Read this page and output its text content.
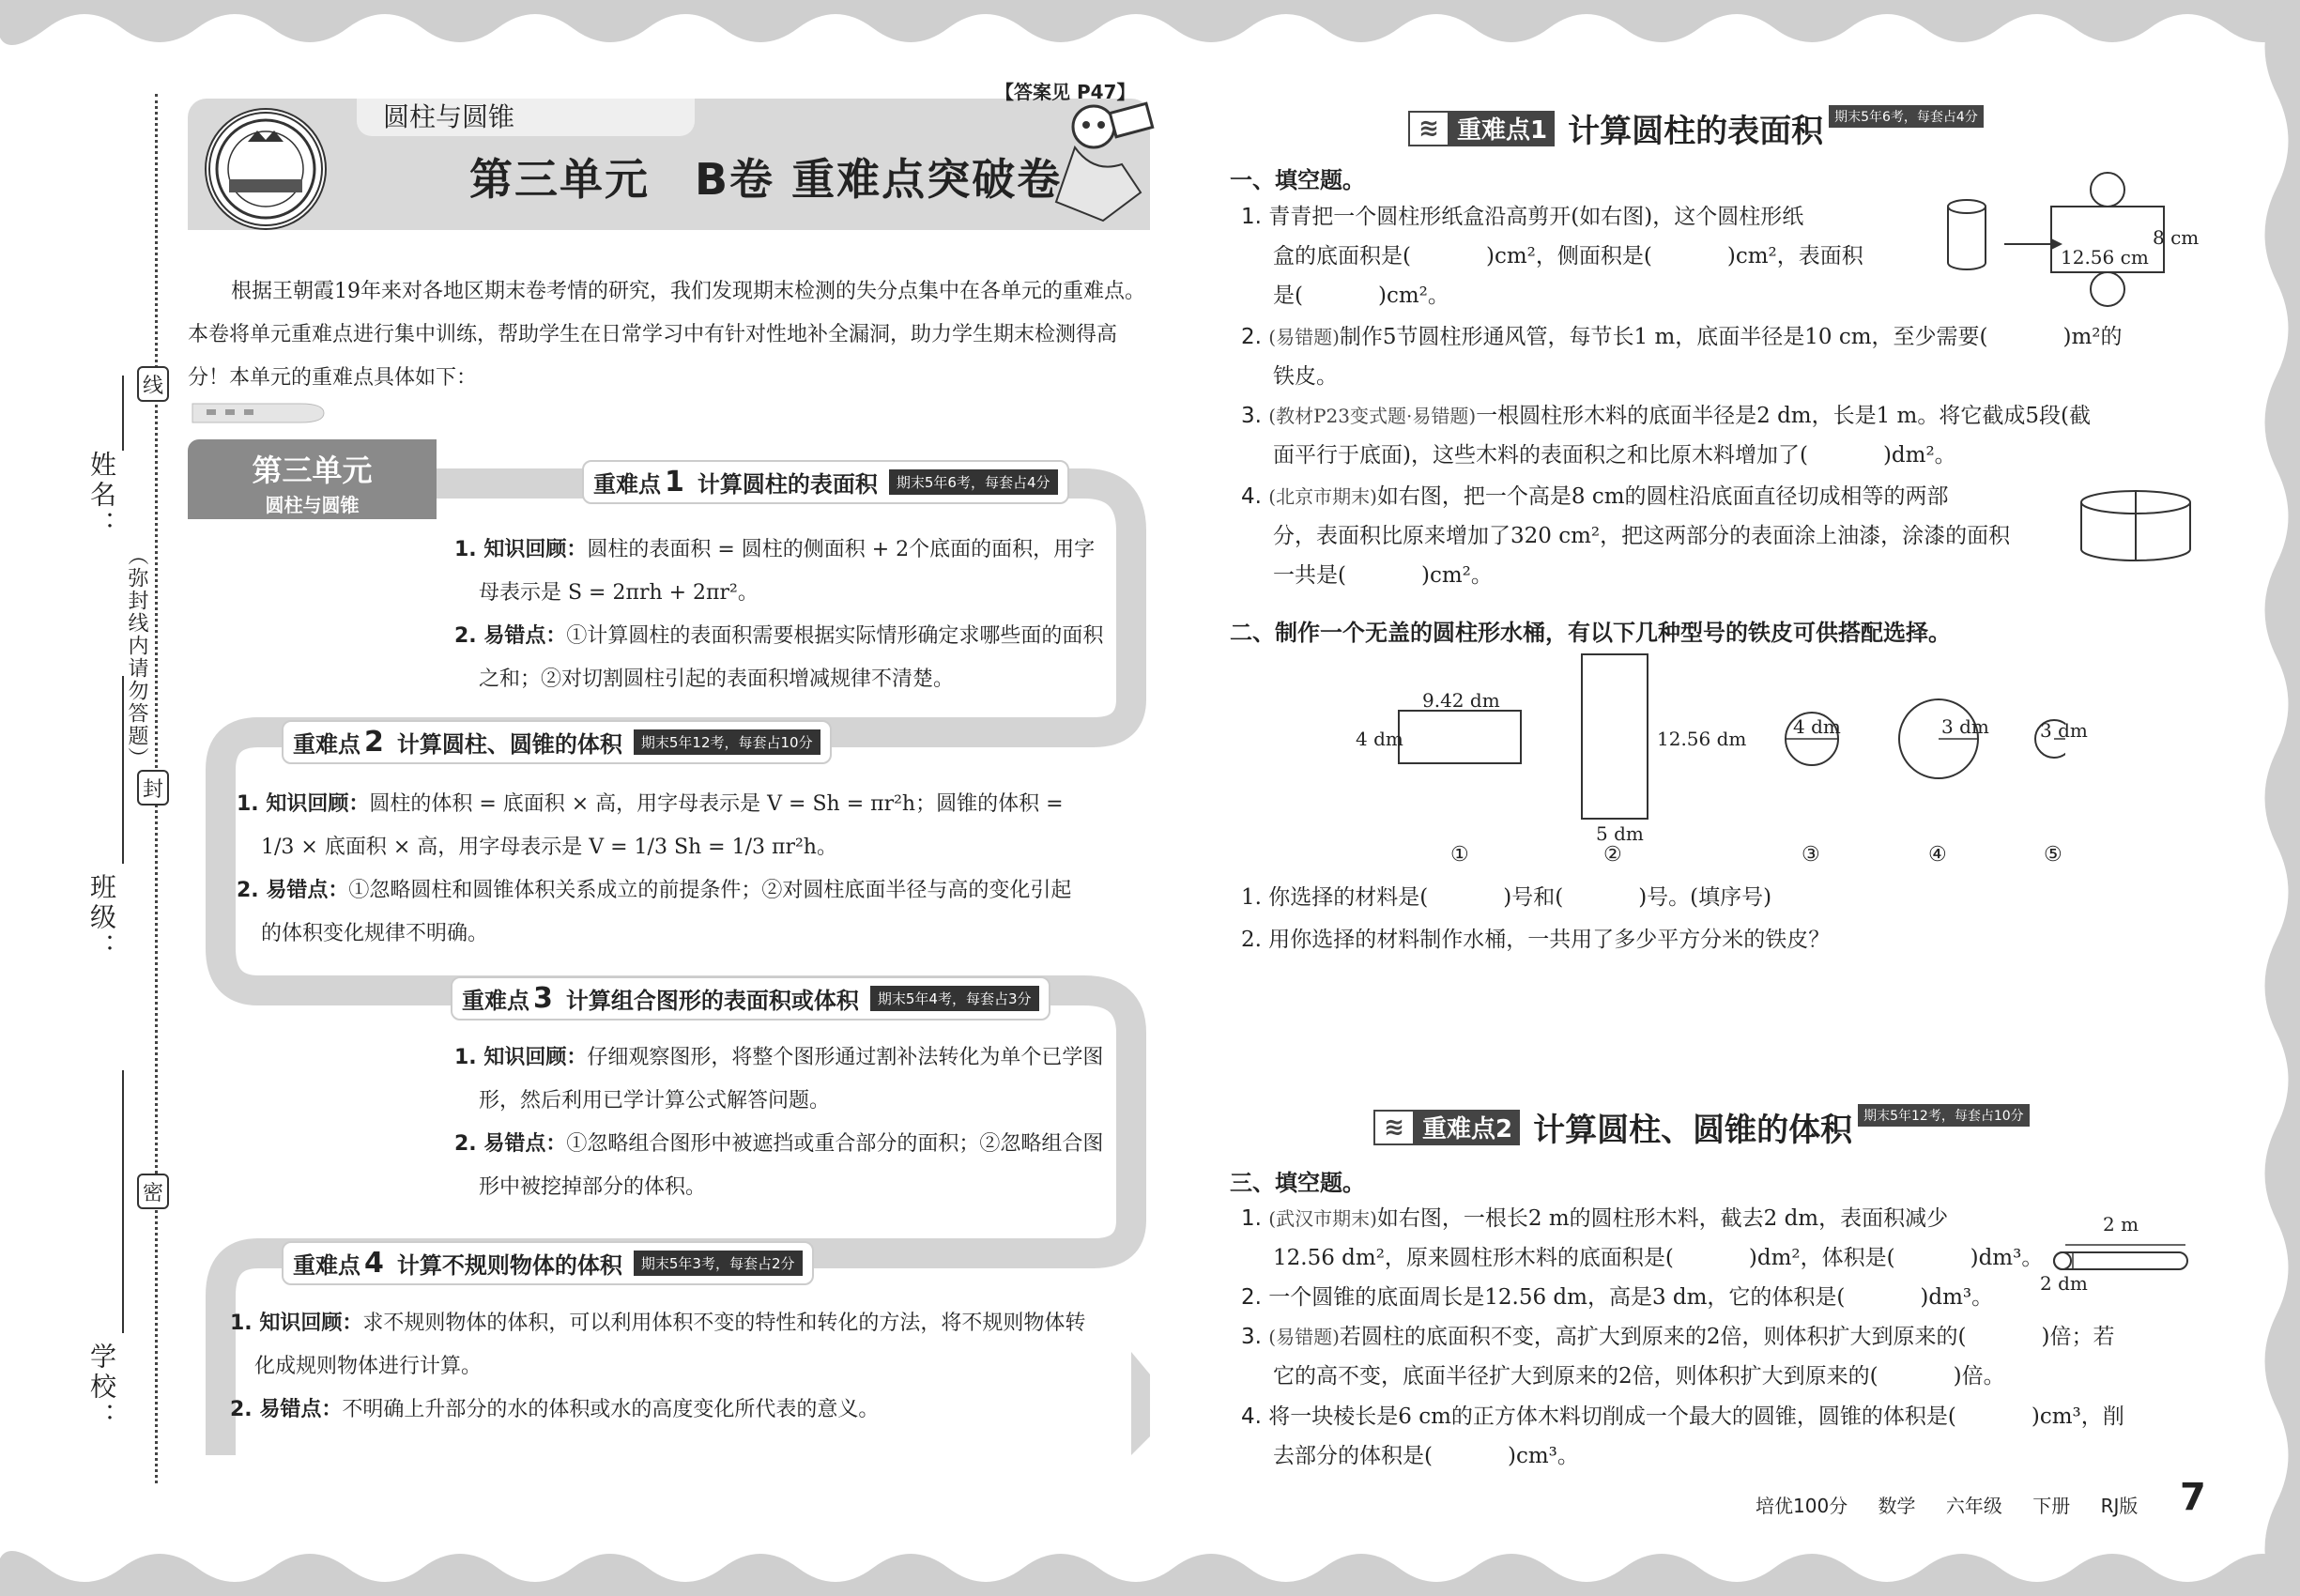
姓名：
班级：
学校：
线
封
密
（弥封线内请勿答题）
圆柱与圆锥
第三单元　B卷 重难点突破卷
【答案见 P47】
根据王朝霞19年来对各地区期末卷考情的研究，我们发现期末检测的失分点集中在各单元的重难点。本卷将单元重难点进行集中训练，帮助学生在日常学习中有针对性地补全漏洞，助力学生期末检测得高分！本单元的重难点具体如下：
第三单元
圆柱与圆锥
重难点 1 计算圆柱的表面积	期末5年6考，每套占4分

1. 知识回顾：圆柱的表面积 = 圆柱的侧面积 + 2个底面的面积，用字母表示是 S = 2πrh + 2πr²。

2. 易错点：①计算圆柱的表面积需要根据实际情形确定求哪些面的面积之和；②对切割圆柱引起的表面积增减规律不清楚。

重难点 2 计算圆柱、圆锥的体积	期末5年12考，每套占10分

1. 知识回顾：圆柱的体积 = 底面积 × 高，用字母表示是 V = Sh = πr²h；圆锥的体积 = 1/3 × 底面积 × 高，用字母表示是 V = 1/3 Sh = 1/3 πr²h。

2. 易错点：①忽略圆柱和圆锥体积关系成立的前提条件；②对圆柱底面半径与高的变化引起的体积变化规律不明确。

重难点 3 计算组合图形的表面积或体积	期末5年4考，每套占3分

1. 知识回顾：仔细观察图形，将整个图形通过割补法转化为单个已学图形，然后利用已学计算公式解答问题。

2. 易错点：①忽略组合图形中被遮挡或重合部分的面积；②忽略组合图形中被挖掉部分的体积。

重难点 4 计算不规则物体的体积	期末5年3考，每套占2分

1. 知识回顾：求不规则物体的体积，可以利用体积不变的特性和转化的方法，将不规则物体转化成规则物体进行计算。

2. 易错点：不明确上升部分的水的体积或水的高度变化所代表的意义。

≋ 重难点1 计算圆柱的表面积 期末5年6考，每套占4分
一、填空题。
1. 青青把一个圆柱形纸盒沿高剪开(如右图)，这个圆柱形纸
盒的底面积是(	)cm²，侧面积是(	)cm²，表面积
是(	)cm²。
8 cm
12.56 cm
2. (易错题)制作5节圆柱形通风管，每节长1 m，底面半径是10 cm，至少需要(	)m²的
铁皮。
3. (教材P23变式题·易错题)一根圆柱形木料的底面半径是2 dm，长是1 m。将它截成5段(截
面平行于底面)，这些木料的表面积之和比原木料增加了(	)dm²。
4. (北京市期末)如右图，把一个高是8 cm的圆柱沿底面直径切成相等的两部
分，表面积比原来增加了320 cm²，把这两部分的表面涂上油漆，涂漆的面积
一共是(	)cm²。
二、制作一个无盖的圆柱形水桶，有以下几种型号的铁皮可供搭配选择。
9.42 dm
4 dm	12.56 dm
5 dm
4 dm	3 dm	3 dm
①	②	③	④	⑤
1. 你选择的材料是(	)号和(	)号。(填序号)
2. 用你选择的材料制作水桶，一共用了多少平方分米的铁皮？
≋ 重难点2 计算圆柱、圆锥的体积 期末5年12考，每套占10分
三、填空题。
1. (武汉市期末)如右图，一根长2 m的圆柱形木料，截去2 dm，表面积减少
12.56 dm²，原来圆柱形木料的底面积是(	)dm²，体积是(	)dm³。
2 m
2 dm
2. 一个圆锥的底面周长是12.56 dm，高是3 dm，它的体积是(	)dm³。
3. (易错题)若圆柱的底面积不变，高扩大到原来的2倍，则体积扩大到原来的(	)倍；若
它的高不变，底面半径扩大到原来的2倍，则体积扩大到原来的(	)倍。
4. 将一块棱长是6 cm的正方体木料切削成一个最大的圆锥，圆锥的体积是(	)cm³，削
去部分的体积是(	)cm³。
培优100分 数学 六年级 下册 RJ版	7
